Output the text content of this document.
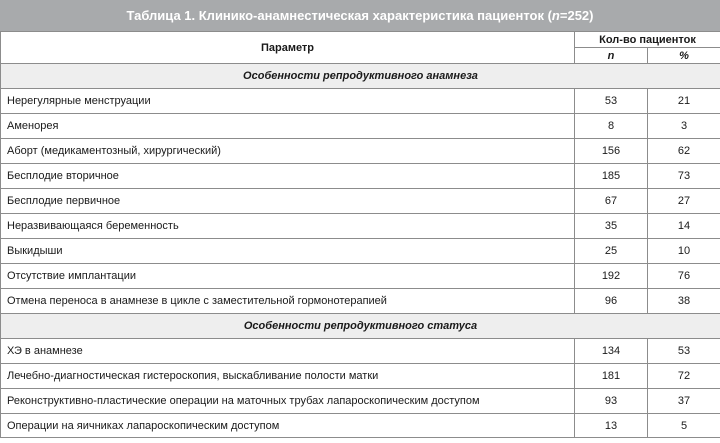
Таблица 1. Клинико-анамнестическая характеристика пациенток (n=252)
Параметр	Кол-во пациенток	
	n	%
Особенности репродуктивного анамнеза		
Нерегулярные менструации	53	21
Аменорея	8	3
Аборт (медикаментозный, хирургический)	156	62
Бесплодие вторичное	185	73
Бесплодие первичное	67	27
Неразвивающаяся беременность	35	14
Выкидыши	25	10
Отсутствие имплантации	192	76
Отмена переноса в анамнезе в цикле с заместительной гормонотерапией	96	38
Особенности репродуктивного статуса		
ХЭ в анамнезе	134	53
Лечебно-диагностическая гистероскопия, выскабливание полости матки	181	72
Реконструктивно-пластические операции на маточных трубах лапароскопическим доступом	93	37
Операции на яичниках лапароскопическим доступом	13	5
